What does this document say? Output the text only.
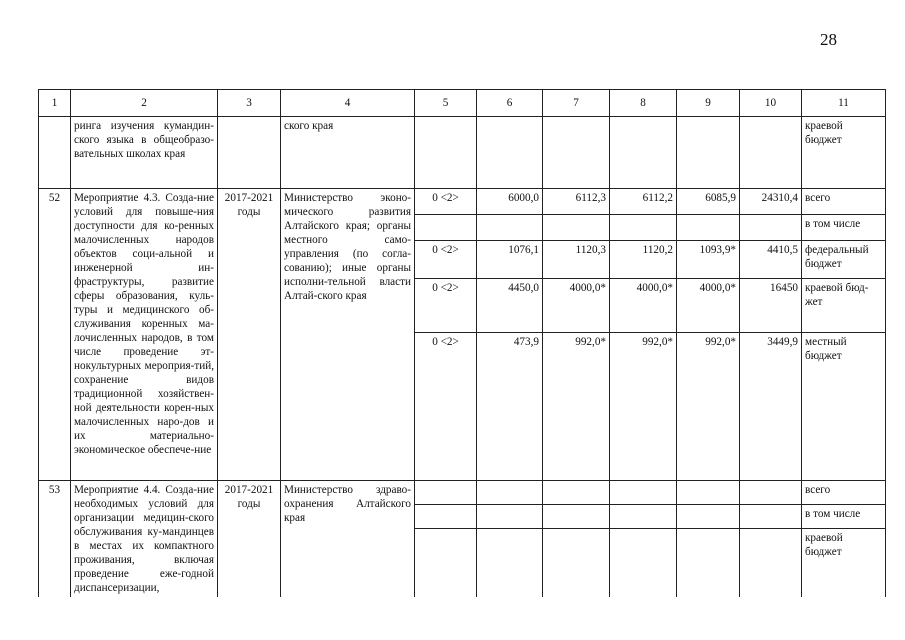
28
1	2	3	4	5	6	7	8	9	10	11
	ринга изучения кумандин-ского языка в общеобразо-вательных школах края		ского края							краевой бюджет
52	Мероприятие 4.3. Созда-ние условий для повыше-ния доступности для ко-ренных малочисленных народов объектов соци-альной и инженерной ин-фраструктуры, развитие сферы образования, куль-туры и медицинского об-служивания коренных ма-лочисленных народов, в том числе проведение эт-нокультурных мероприя-тий, сохранение видов традиционной хозяйствен-ной деятельности корен-ных малочисленных наро-дов и их материально-экономическое обеспече-ние	2017-2021 годы	Министерство эконо-мического развития Алтайского края; органы местного само-управления (по согла-сованию); иные органы исполни-тельной власти Алтай-ского края	0 <2>	6000,0	6112,3	6112,2	6085,9	24310,4	всего
										в том числе
				0 <2>	1076,1	1120,3	1120,2	1093,9*	4410,5	федеральный бюджет
				0 <2>	4450,0	4000,0*	4000,0*	4000,0*	16450	краевой бюд-жет
				0 <2>	473,9	992,0*	992,0*	992,0*	3449,9	местный бюджет
53	Мероприятие 4.4. Созда-ние необходимых условий для организации медицин-ского обслуживания ку-мандинцев в местах их компактного проживания, включая проведение еже-годной диспансеризации,	2017-2021 годы	Министерство здраво-охранения Алтайского края							всего
										в том числе
										краевой бюджет
